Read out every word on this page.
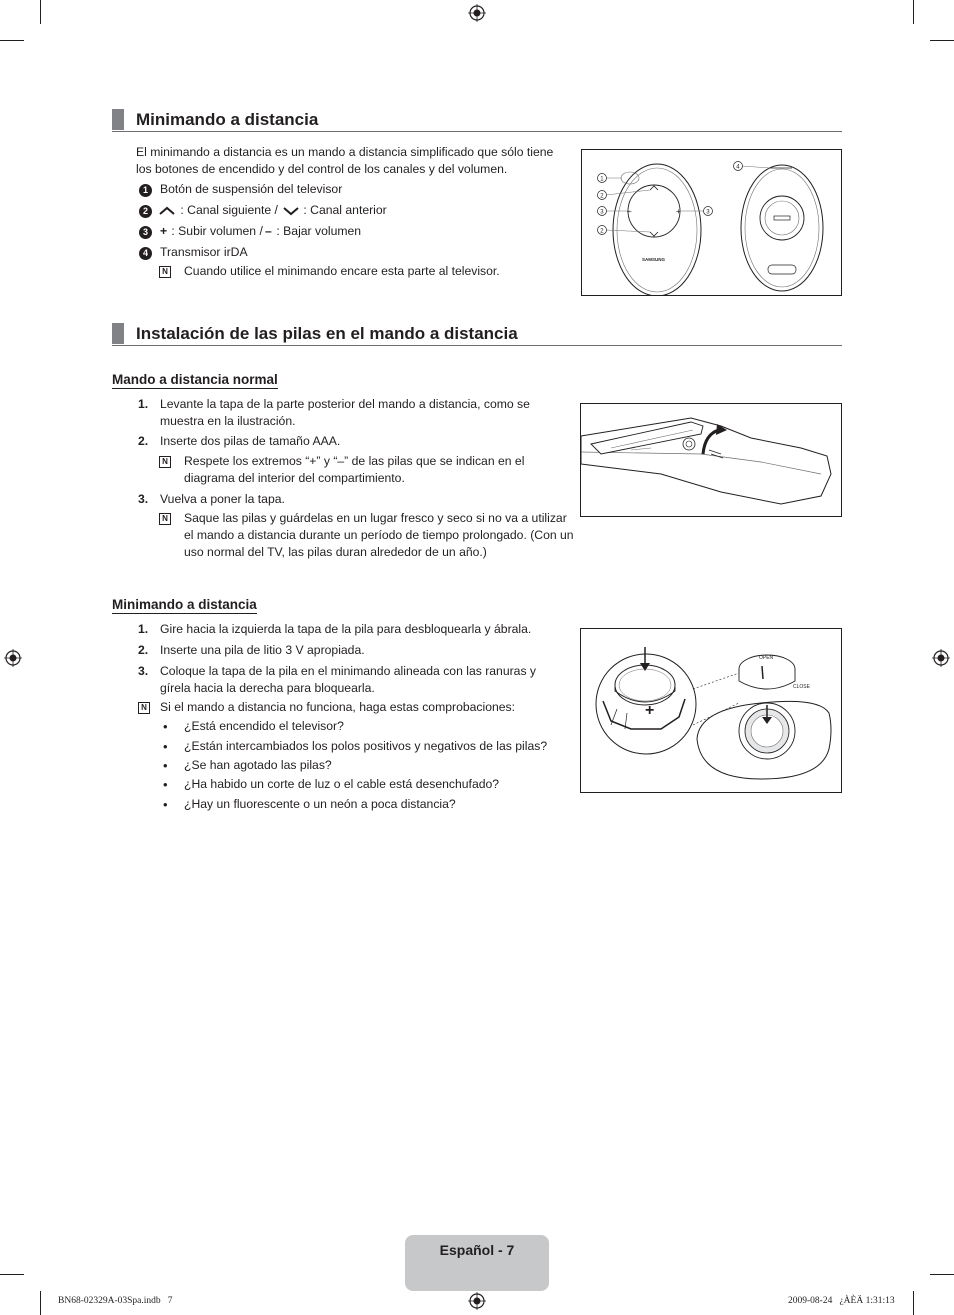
Minimando a distancia
El minimando a distancia es un mando a distancia simplificado que sólo tiene los botones de encendido y del control de los canales y del volumen.
1 Botón de suspensión del televisor
2	: Canal siguiente / : Canal anterior
3 + : Subir volumen /
– : Bajar volumen
4 Transmisor irDA
N Cuando utilice el minimando encare esta parte al televisor.
+
–
SAMSUNG
1
2
3
2
3
4
Instalación de las pilas en el mando a distancia
Mando a distancia normal
1. Levante la tapa de la parte posterior del mando a distancia, como se muestra en la ilustración.
2. Inserte dos pilas de tamaño AAA.
N Respete los extremos “+” y “–” de las pilas que se indican en el diagrama del interior del compartimiento.
3. Vuelva a poner la tapa.
N Saque las pilas y guárdelas en un lugar fresco y seco si no va a utilizar el mando a distancia durante un período de tiempo prolongado. (Con un uso normal del TV, las pilas duran alrededor de un año.)
Minimando a distancia
1. Gire hacia la izquierda la tapa de la pila para desbloquearla y ábrala.
2. Inserte una pila de litio 3 V apropiada.
3. Coloque la tapa de la pila en el minimando alineada con las ranuras y gírela hacia la derecha para bloquearla.
N Si el mando a distancia no funciona, haga estas comprobaciones:
• ¿Está encendido el televisor?
• ¿Están intercambiados los polos positivos y negativos de las pilas?
• ¿Se han agotado las pilas?
• ¿Ha habido un corte de luz o el cable está desenchufado?
• ¿Hay un fluorescente o un neón a poca distancia?
+
OPEN
CLOSE
Español - 7
BN68-02329A-03Spa.indb   7	2009-08-24   ¿ÀÈÄ 1:31:13
